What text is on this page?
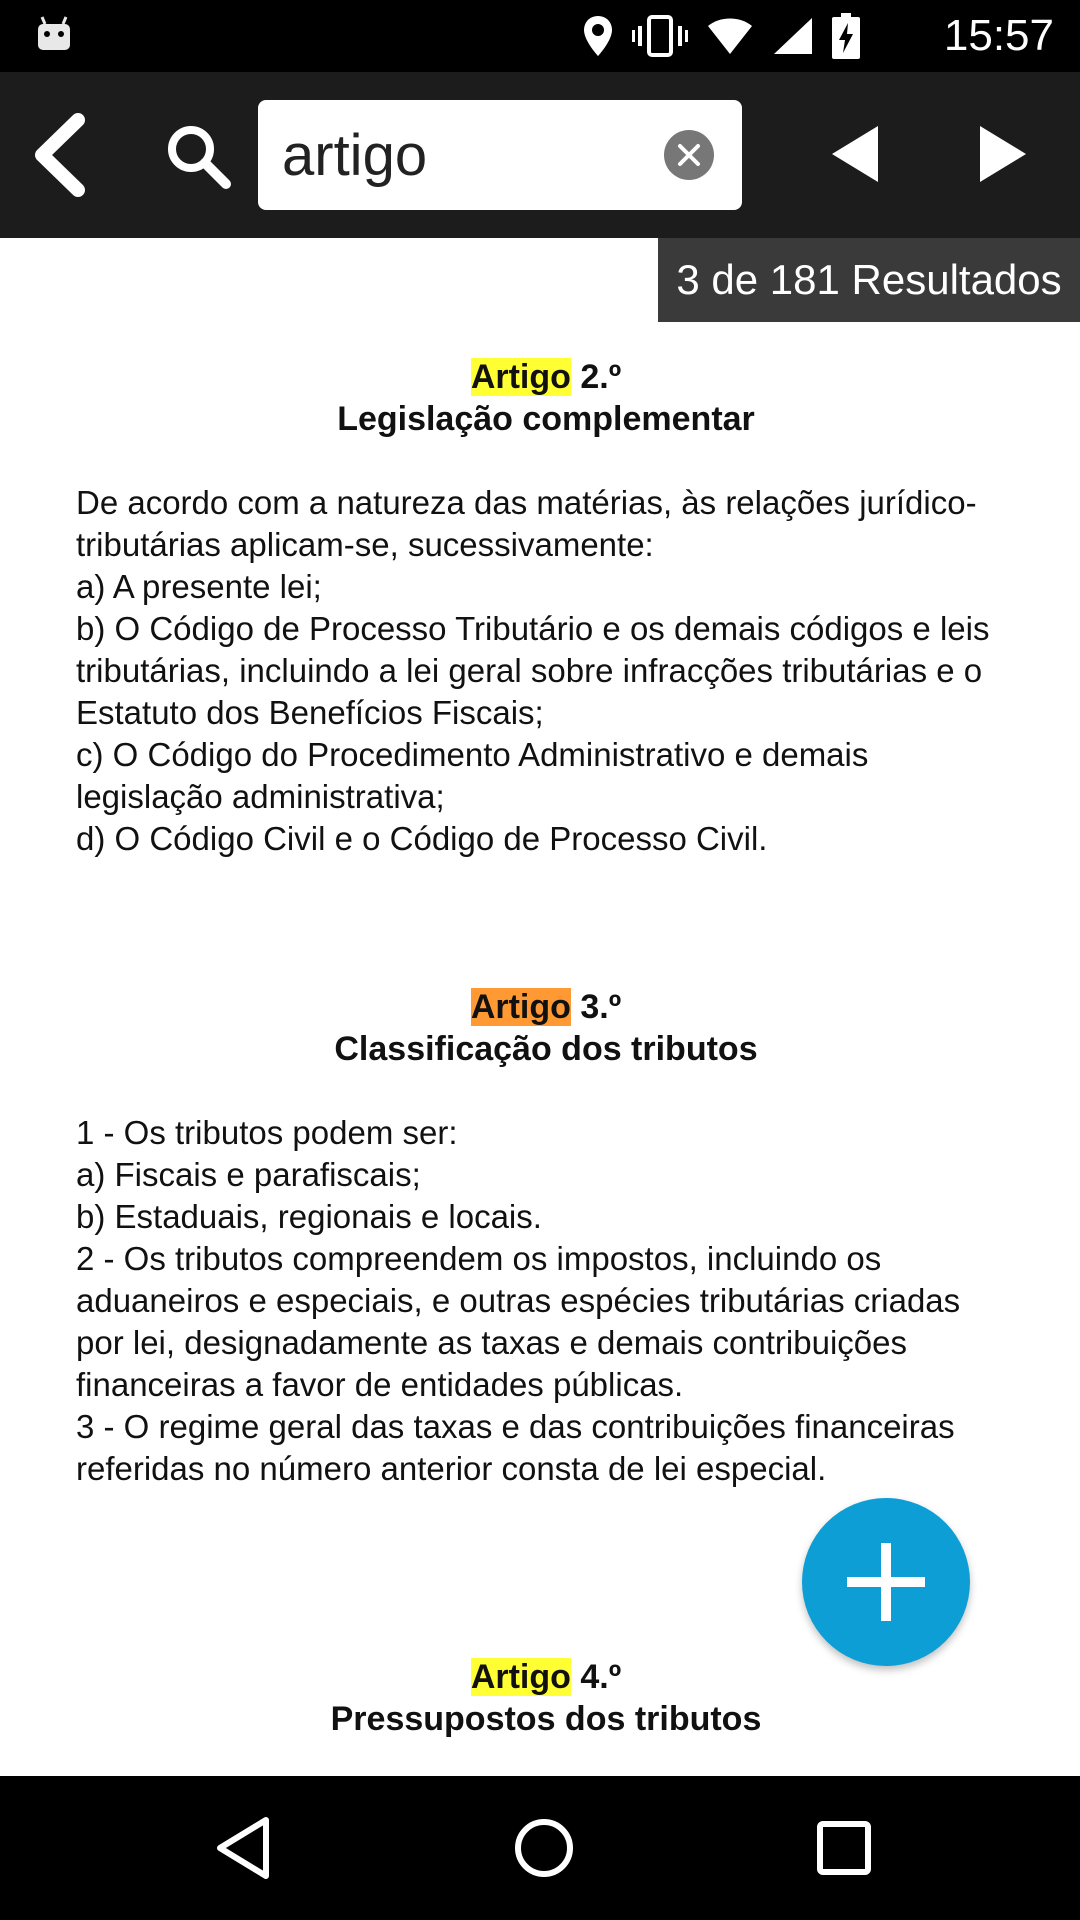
15:57
artigo
3 de 181 Resultados
Artigo 2.º
Legislação complementar
De acordo com a natureza das matérias, às relações jurídico-tributárias aplicam-se, sucessivamente:
a) A presente lei;
b) O Código de Processo Tributário e os demais códigos e leis tributárias, incluindo a lei geral sobre infracções tributárias e o Estatuto dos Benefícios Fiscais;
c) O Código do Procedimento Administrativo e demais legislação administrativa;
d) O Código Civil e o Código de Processo Civil.
Artigo 3.º
Classificação dos tributos
1 - Os tributos podem ser:
a) Fiscais e parafiscais;
b) Estaduais, regionais e locais.
2 - Os tributos compreendem os impostos, incluindo os aduaneiros e especiais, e outras espécies tributárias criadas por lei, designadamente as taxas e demais contribuições financeiras a favor de entidades públicas.
3 - O regime geral das taxas e das contribuições financeiras referidas no número anterior consta de lei especial.
Artigo 4.º
Pressupostos dos tributos
